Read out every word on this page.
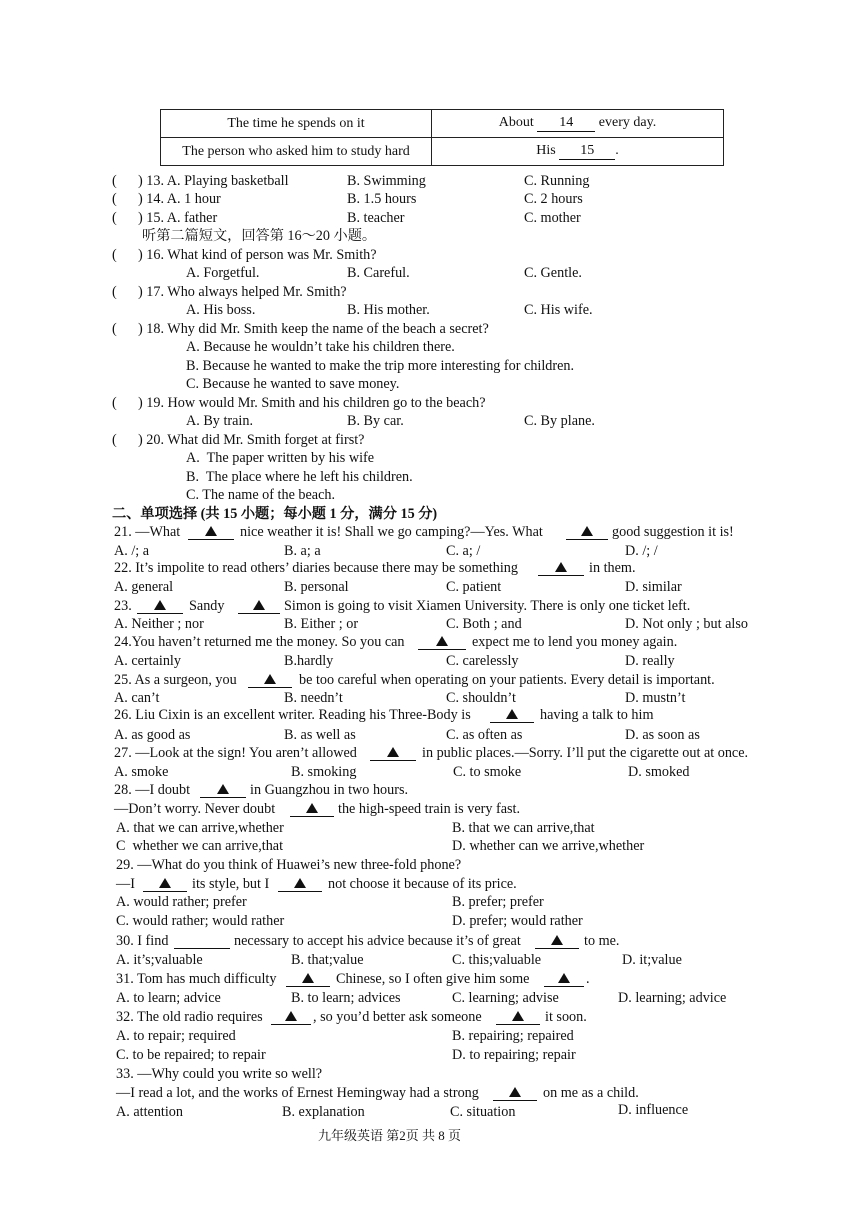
The time he spends on it	About 14 every day.
The person who asked him to study hard	His 15 .
(      ) 13. A. Playing basketball	B. Swimming	C. Running
(      ) 14. A. 1 hour	B. 1.5 hours	C. 2 hours
(      ) 15. A. father	B. teacher	C. mother
听第二篇短文，回答第 16～20 小题。
(      ) 16. What kind of person was Mr. Smith?
A. Forgetful.	B. Careful.	C. Gentle.
(      ) 17. Who always helped Mr. Smith?
A. His boss.	B. His mother.	C. His wife.
(      ) 18. Why did Mr. Smith keep the name of the beach a secret?
A. Because he wouldn’t take his children there.
B. Because he wanted to make the trip more interesting for children.
C. Because he wanted to save money.
(      ) 19. How would Mr. Smith and his children go to the beach?
A. By train.	B. By car.	C. By plane.
(      ) 20. What did Mr. Smith forget at first?
A.  The paper written by his wife
B.  The place where he left his children.
C. The name of the beach.
二、单项选择 (共 15 小题；每小题 1 分，满分 15 分)
21. —What	nice weather it is! Shall we go camping?—Yes. What	good suggestion it is!
A. /; a	B. a; a	C. a; /	D. /; /
22. It’s impolite to read others’ diaries because there may be something	in them.
A. general	B. personal	C. patient	D. similar
23.	Sandy	Simon is going to visit Xiamen University. There is only one ticket left.
A. Neither ; nor	B. Either ; or	C. Both ; and	D. Not only ; but also
24.You haven’t returned me the money. So you can	expect me to lend you money again.
A. certainly	B.hardly	C. carelessly	D. really
25. As a surgeon, you	be too careful when operating on your patients. Every detail is important.
A. can’t	B. needn’t	C. shouldn’t	D. mustn’t
26. Liu Cixin is an excellent writer. Reading his Three-Body is	having a talk to him
A. as good as	B. as well as	C. as often as	D. as soon as
27. —Look at the sign! You aren’t allowed	in public places.—Sorry. I’ll put the cigarette out at once.
A. smoke	B. smoking	C. to smoke	D. smoked
28. —I doubt	in Guangzhou in two hours.
—Don’t worry. Never doubt	the high-speed train is very fast.
A. that we can arrive,whether	B. that we can arrive,that
C  whether we can arrive,that	D. whether can we arrive,whether
29. —What do you think of Huawei’s new three-fold phone?
—I	its style, but I	not choose it because of its price.
A. would rather; prefer	B. prefer; prefer
C. would rather; would rather	D. prefer; would rather
30. I find	necessary to accept his advice because it’s of great	to me.
A. it’s;valuable	B. that;value	C. this;valuable	D. it;value
31. Tom has much difficulty	Chinese, so I often give him some	.
A. to learn; advice	B. to learn; advices	C. learning; advise	D. learning; advice
32. The old radio requires	, so you’d better ask someone	it soon.
A. to repair; required	B. repairing; repaired
C. to be repaired; to repair	D. to repairing; repair
33. —Why could you write so well?
—I read a lot, and the works of Ernest Hemingway had a strong	on me as a child.
A. attention	B. explanation	C. situation	D. influence
九年级英语 第2页 共 8 页
